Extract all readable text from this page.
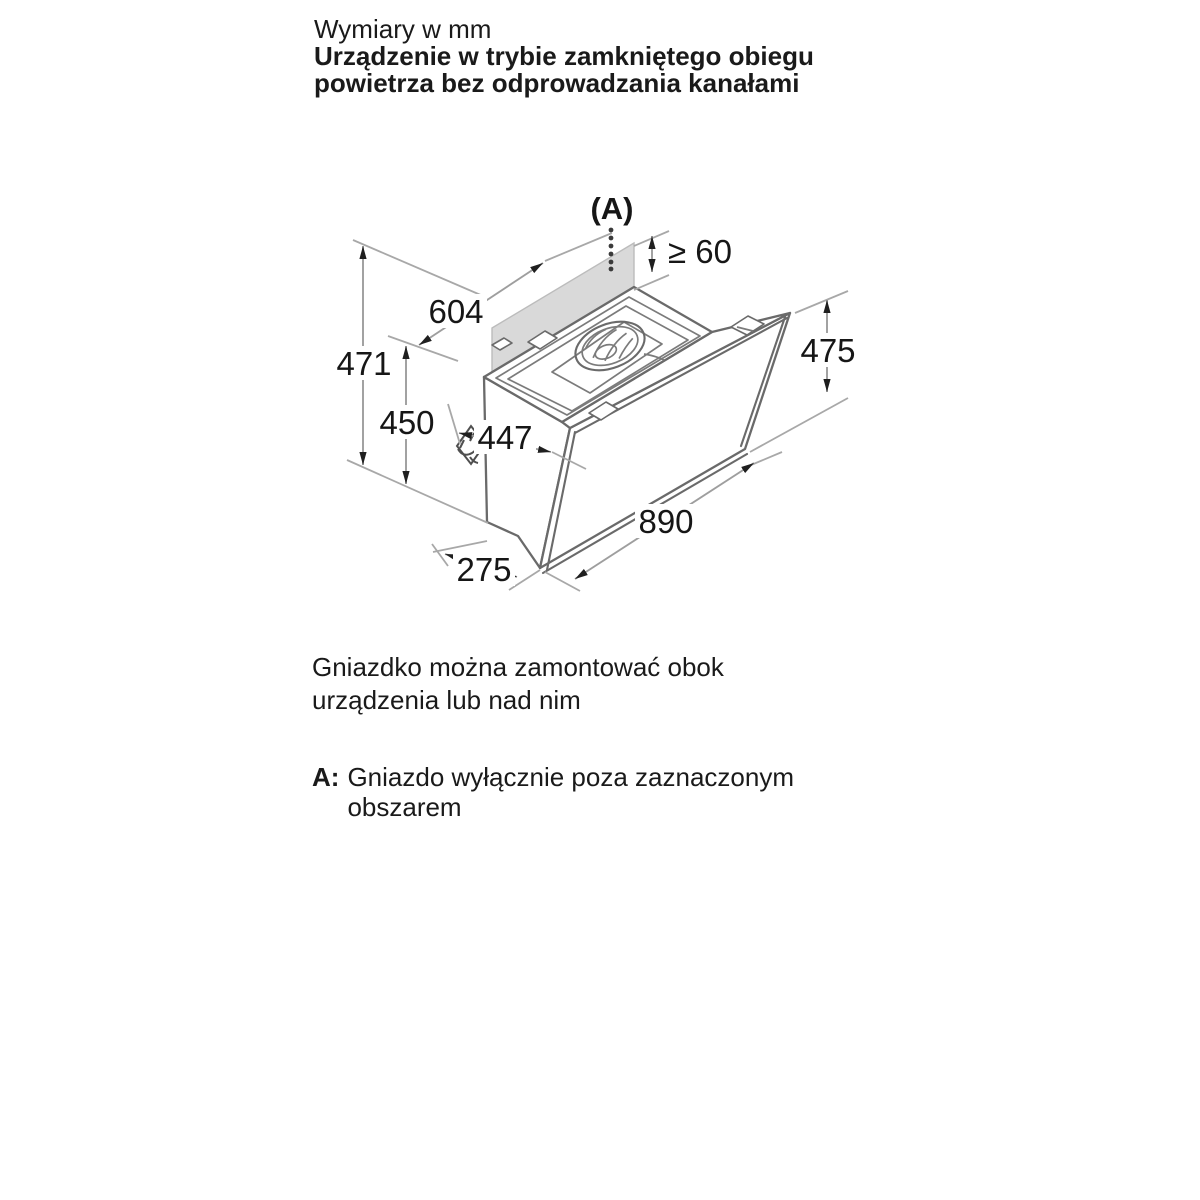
Wymiary w mm
Urządzenie w trybie zamkniętego obiegu
powietrza bez odprowadzania kanałami
(A)
471
450
604
≥ 60
447
475
890
275
Gniazdko można zamontować obok
urządzenia lub nad nim
A: Gniazdo wyłącznie poza zaznaczonym obszarem
